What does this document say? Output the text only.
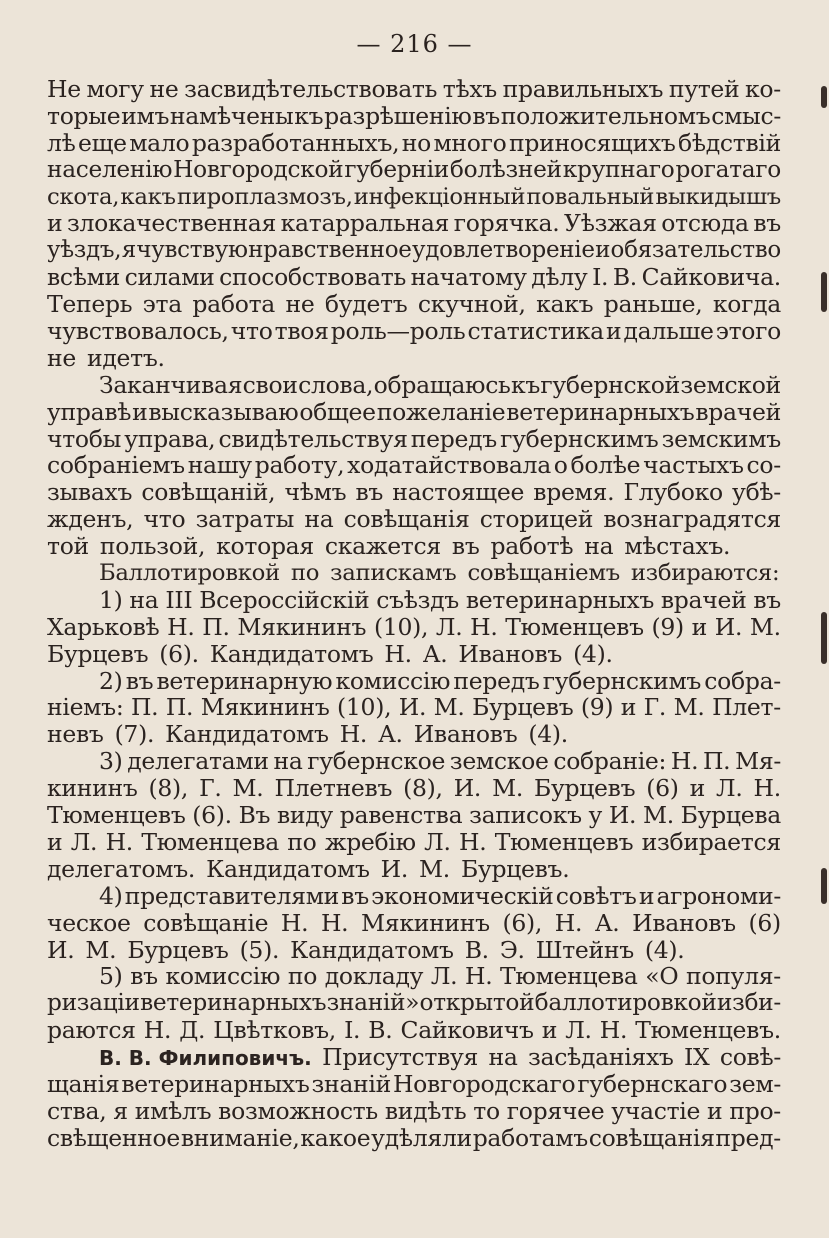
— 216 —
Не могу не засвидѣтельствовать тѣхъ правильныхъ путей ко-
торые имъ намѣчены къ разрѣшенію въ положительномъ смыс-
лѣ еще мало разработанныхъ, но много приносящихъ бѣдствій
населенію Новгородской губерніи болѣзней крупнаго рогатаго
скота, какъ пироплазмозъ, инфекціонный повальный выкидышъ
и злокачественная катарральная горячка. Уѣзжая отсюда въ
уѣздъ, я чувствую нравственное удовлетвореніе и обязательство
всѣми силами способствовать начатому дѣлу І. В. Сайковича.
Теперь эта работа не будетъ скучной, какъ раньше, когда
чувствовалось, что твоя роль—роль статистика и дальше этого
не идетъ.
Заканчивая свои слова, обращаюсь къ губернской земской
управѣ и высказываю общее пожеланіе ветеринарныхъ врачей
чтобы управа, свидѣтельствуя передъ губернскимъ земскимъ
собраніемъ нашу работу, ходатайствовала о болѣе частыхъ со-
зывахъ совѣщаній, чѣмъ въ настоящее время. Глубоко убѣ-
жденъ, что затраты на совѣщанія сторицей вознаградятся
той пользой, которая скажется въ работѣ на мѣстахъ.
Баллотировкой по запискамъ совѣщаніемъ избираются:
1) на III Всероссійскій съѣздъ ветеринарныхъ врачей въ
Харьковѣ Н. П. Мякининъ (10), Л. Н. Тюменцевъ (9) и И. М.
Бурцевъ (6). Кандидатомъ Н. А. Ивановъ (4).
2) въ ветеринарную комиссію передъ губернскимъ собра-
ніемъ: П. П. Мякининъ (10), И. М. Бурцевъ (9) и Г. М. Плет-
невъ (7). Кандидатомъ Н. А. Ивановъ (4).
3) делегатами на губернское земское собраніе: Н. П. Мя-
кининъ (8), Г. М. Плетневъ (8), И. М. Бурцевъ (6) и Л. Н.
Тюменцевъ (6). Въ виду равенства записокъ у И. М. Бурцева
и Л. Н. Тюменцева по жребію Л. Н. Тюменцевъ избирается
делегатомъ. Кандидатомъ И. М. Бурцевъ.
4) представителями въ экономическій совѣтъ и агрономи-
ческое совѣщаніе Н. Н. Мякининъ (6), Н. А. Ивановъ (6)
И. М. Бурцевъ (5). Кандидатомъ В. Э. Штейнъ (4).
5) въ комиссію по докладу Л. Н. Тюменцева «О популя-
ризаціи ветеринарныхъ знаній» открытой баллотировкой изби-
раются Н. Д. Цвѣтковъ, І. В. Сайковичъ и Л. Н. Тюменцевъ.
В. В. Филиповичъ. Присутствуя на засѣданіяхъ IX совѣ-
щанія ветеринарныхъ знаній Новгородскаго губернскаго зем-
ства, я имѣлъ возможность видѣть то горячее участіе и про-
свѣщенное вниманіе, какое удѣляли работамъ совѣщанія пред-
